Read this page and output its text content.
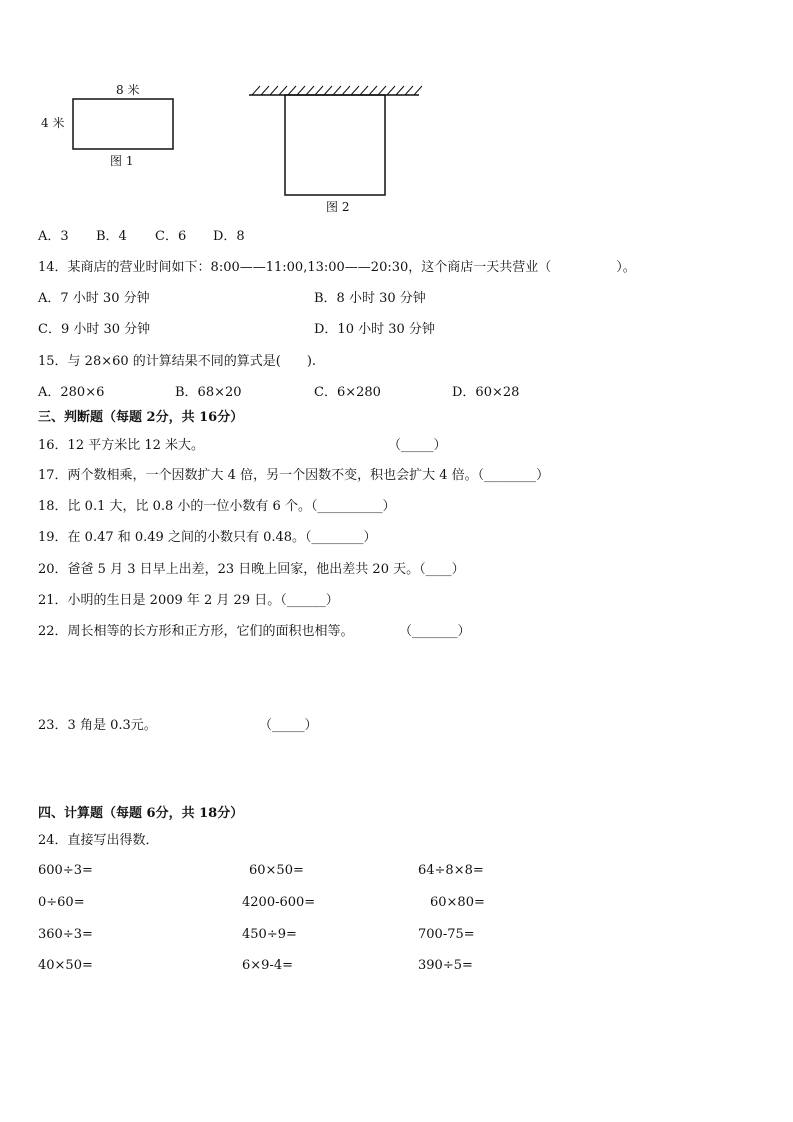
8 米
4 米
图 1
图 2
A．3 B．4 C．6 D．8
14．某商店的营业时间如下：8:00——11:00,13:00——20:30，这个商店一天共营业（　　　　　）。
A．7 小时 30 分钟	B．8 小时 30 分钟
C．9 小时 30 分钟	D．10 小时 30 分钟
15．与 28×60 的计算结果不同的算式是(　　).
A．280×6	B．68×20	C．6×280	D．60×28
三、判断题（每题 2分，共 16分）
16．12 平方米比 12 米大。	（_____）
17．两个数相乘，一个因数扩大 4 倍，另一个因数不变，积也会扩大 4 倍。（________）
18．比 0.1 大，比 0.8 小的一位小数有 6 个。（__________）
19．在 0.47 和 0.49 之间的小数只有 0.48。（________）
20．爸爸 5 月 3 日早上出差，23 日晚上回家，他出差共 20 天。（____）
21．小明的生日是 2009 年 2 月 29 日。（______）
22．周长相等的长方形和正方形，它们的面积也相等。	（_______）
23．3 角是 0.3元。	（_____）
四、计算题（每题 6分，共 18分）
24．直接写出得数．
600÷3=	60×50=	64÷8×8=
0÷60=	4200-600=	60×80=
360÷3=	450÷9=	700-75=
40×50=	6×9-4=	390÷5=
